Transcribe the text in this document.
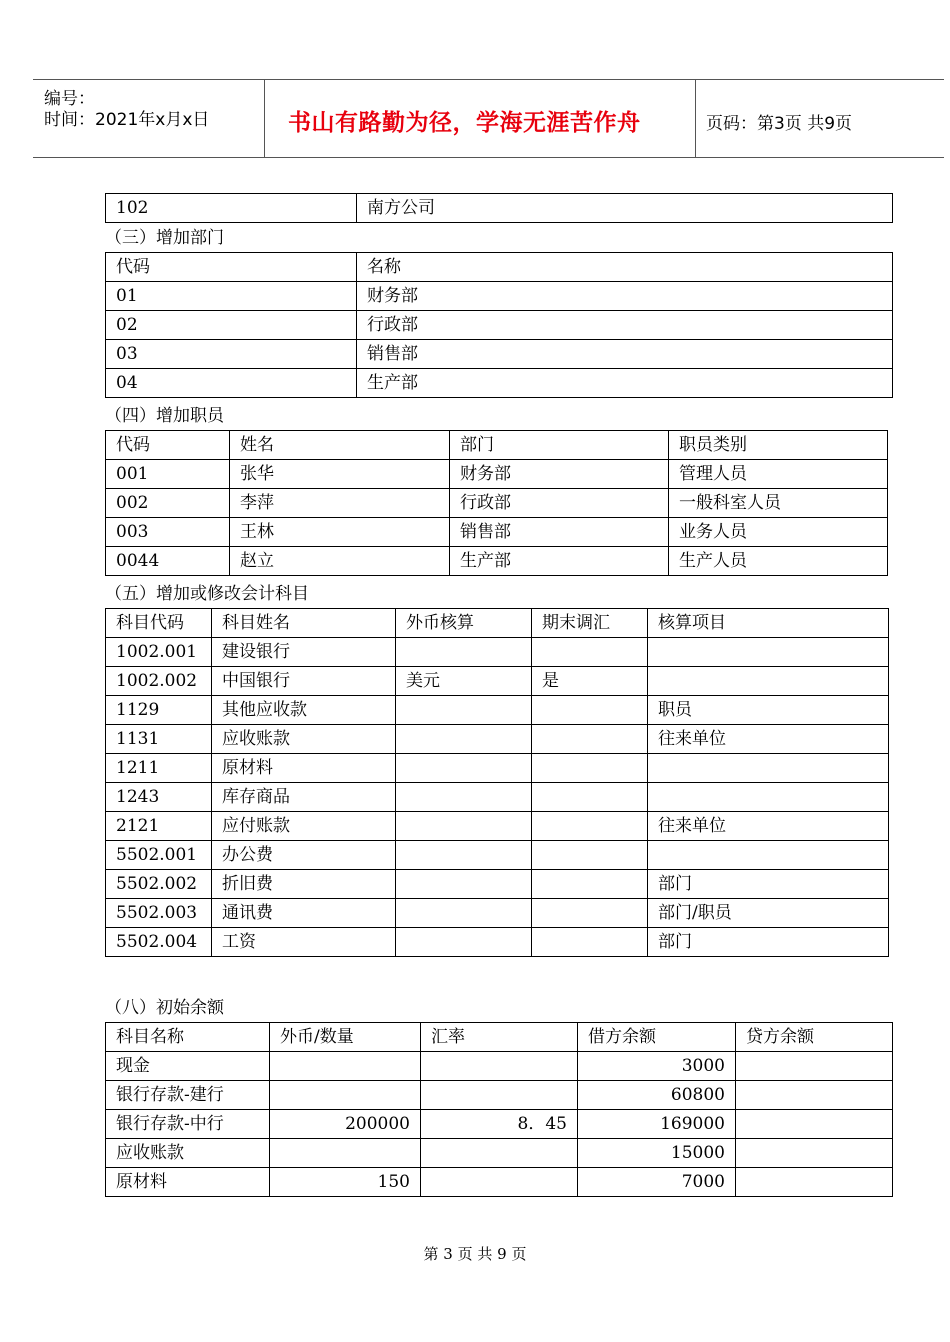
编号：
时间：2021年x月x日	书山有路勤为径，学海无涯苦作舟	页码：第3页 共9页
102	南方公司
（三）增加部门
代码	名称
01	财务部
02	行政部
03	销售部
04	生产部
（四）增加职员
代码	姓名	部门	职员类别
001	张华	财务部	管理人员
002	李萍	行政部	一般科室人员
003	王林	销售部	业务人员
0044	赵立	生产部	生产人员
（五）增加或修改会计科目
科目代码	科目姓名	外币核算	期末调汇	核算项目
1002.001	建设银行			
1002.002	中国银行	美元	是	
1129	其他应收款			职员
1131	应收账款			往来单位
1211	原材料			
1243	库存商品			
2121	应付账款			往来单位
5502.001	办公费			
5502.002	折旧费			部门
5502.003	通讯费			部门/职员
5502.004	工资			部门
（八）初始余额
科目名称	外币/数量	汇率	借方余额	贷方余额
现金			3000	
银行存款-建行			60800	
银行存款-中行	200000	8．45	169000	
应收账款			15000	
原材料	150		7000	
第 3 页 共 9 页
